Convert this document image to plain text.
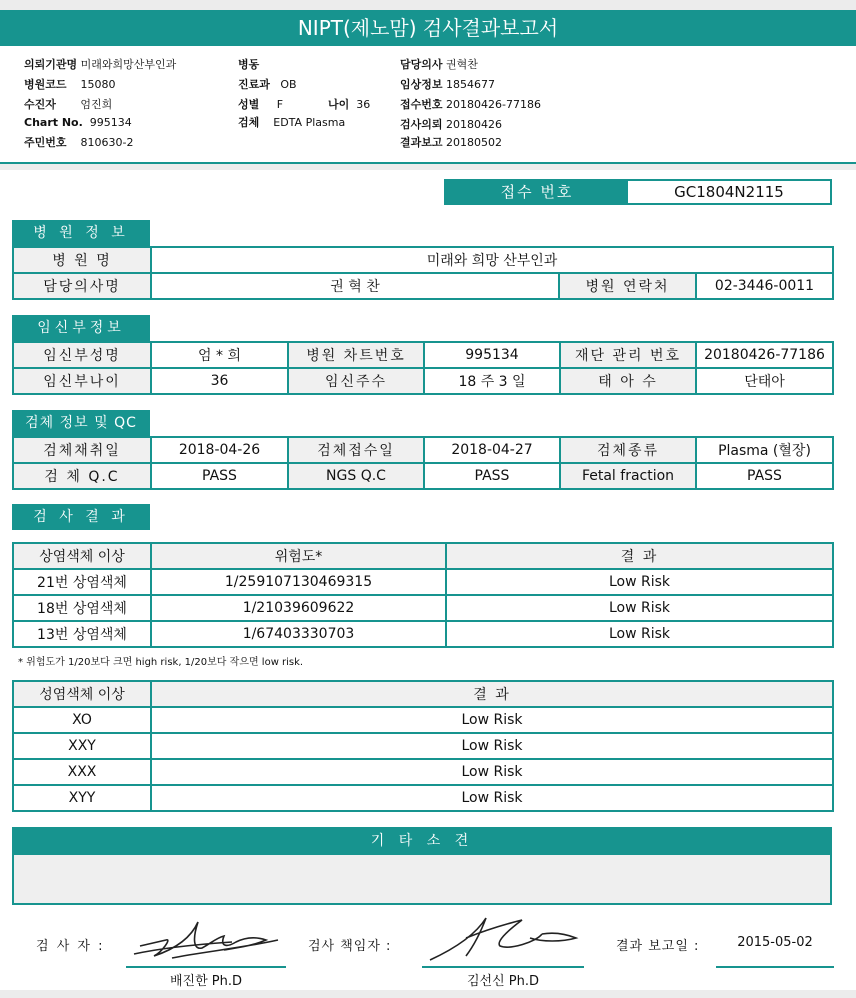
NIPT(제노맘) 검사결과보고서
의뢰기관명 미래와희망산부인과
병원코드 15080
수진자 엄진희
Chart No. 995134
주민번호 810630-2
병동
진료과 OB
성별 F	나이 36
검체 EDTA Plasma
담당의사 권혁찬
임상정보 1854677
접수번호 20180426-77186
검사의뢰 20180426
결과보고 20180502
접수 번호	GC1804N2115
병 원 정 보
병 원 명	미래와 희망 산부인과		
담당의사명	권 혁 찬	병원 연락처	02-3446-0011
임신부정보
임신부성명	엄 * 희	병원 차트번호	995134	재단 관리 번호	20180426-77186
임신부나이	36	임신주수	18 주 3 일	태 아 수	단태아
검체 정보 및 QC
검체채취일	2018-04-26	검체접수일	2018-04-27	검체종류	Plasma (혈장)
검 체 Q.C	PASS	NGS Q.C	PASS	Fetal fraction	PASS
검 사 결 과
상염색체 이상	위험도*	결 과
21번 상염색체	1/259107130469315	Low Risk
18번 상염색체	1/21039609622	Low Risk
13번 상염색체	1/67403330703	Low Risk
* 위험도가 1/20보다 크면 high risk, 1/20보다 작으면 low risk.
성염색체 이상	결 과
XO	Low Risk
XXY	Low Risk
XXX	Low Risk
XYY	Low Risk
기 타 소 견
검 사 자 :
배진한 Ph.D
검사 책임자 :
김선신 Ph.D
결과 보고일 :	2015-05-02
